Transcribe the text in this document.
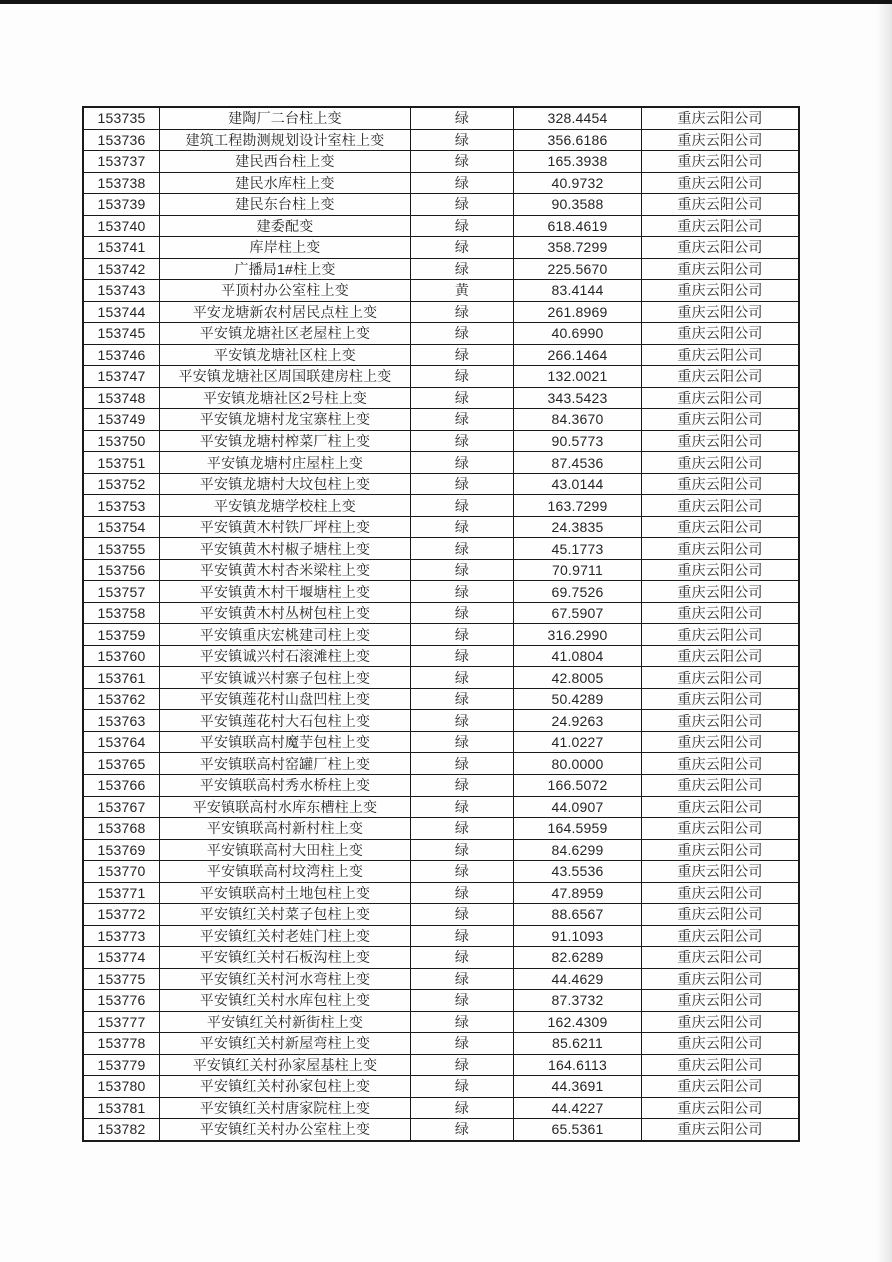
153735	建陶厂二台柱上变	绿	328.4454	重庆云阳公司
153736	建筑工程勘测规划设计室柱上变	绿	356.6186	重庆云阳公司
153737	建民西台柱上变	绿	165.3938	重庆云阳公司
153738	建民水库柱上变	绿	40.9732	重庆云阳公司
153739	建民东台柱上变	绿	90.3588	重庆云阳公司
153740	建委配变	绿	618.4619	重庆云阳公司
153741	库岸柱上变	绿	358.7299	重庆云阳公司
153742	广播局1#柱上变	绿	225.5670	重庆云阳公司
153743	平顶村办公室柱上变	黄	83.4144	重庆云阳公司
153744	平安龙塘新农村居民点柱上变	绿	261.8969	重庆云阳公司
153745	平安镇龙塘社区老屋柱上变	绿	40.6990	重庆云阳公司
153746	平安镇龙塘社区柱上变	绿	266.1464	重庆云阳公司
153747	平安镇龙塘社区周国联建房柱上变	绿	132.0021	重庆云阳公司
153748	平安镇龙塘社区2号柱上变	绿	343.5423	重庆云阳公司
153749	平安镇龙塘村龙宝寨柱上变	绿	84.3670	重庆云阳公司
153750	平安镇龙塘村榨菜厂柱上变	绿	90.5773	重庆云阳公司
153751	平安镇龙塘村庄屋柱上变	绿	87.4536	重庆云阳公司
153752	平安镇龙塘村大坟包柱上变	绿	43.0144	重庆云阳公司
153753	平安镇龙塘学校柱上变	绿	163.7299	重庆云阳公司
153754	平安镇黄木村铁厂坪柱上变	绿	24.3835	重庆云阳公司
153755	平安镇黄木村椒子塘柱上变	绿	45.1773	重庆云阳公司
153756	平安镇黄木村杏米梁柱上变	绿	70.9711	重庆云阳公司
153757	平安镇黄木村干堰塘柱上变	绿	69.7526	重庆云阳公司
153758	平安镇黄木村丛树包柱上变	绿	67.5907	重庆云阳公司
153759	平安镇重庆宏桃建司柱上变	绿	316.2990	重庆云阳公司
153760	平安镇诚兴村石滚滩柱上变	绿	41.0804	重庆云阳公司
153761	平安镇诚兴村寨子包柱上变	绿	42.8005	重庆云阳公司
153762	平安镇莲花村山盘凹柱上变	绿	50.4289	重庆云阳公司
153763	平安镇莲花村大石包柱上变	绿	24.9263	重庆云阳公司
153764	平安镇联高村魔芋包柱上变	绿	41.0227	重庆云阳公司
153765	平安镇联高村窑罐厂柱上变	绿	80.0000	重庆云阳公司
153766	平安镇联高村秀水桥柱上变	绿	166.5072	重庆云阳公司
153767	平安镇联高村水库东槽柱上变	绿	44.0907	重庆云阳公司
153768	平安镇联高村新村柱上变	绿	164.5959	重庆云阳公司
153769	平安镇联高村大田柱上变	绿	84.6299	重庆云阳公司
153770	平安镇联高村坟湾柱上变	绿	43.5536	重庆云阳公司
153771	平安镇联高村土地包柱上变	绿	47.8959	重庆云阳公司
153772	平安镇红关村菜子包柱上变	绿	88.6567	重庆云阳公司
153773	平安镇红关村老娃门柱上变	绿	91.1093	重庆云阳公司
153774	平安镇红关村石板沟柱上变	绿	82.6289	重庆云阳公司
153775	平安镇红关村河水弯柱上变	绿	44.4629	重庆云阳公司
153776	平安镇红关村水库包柱上变	绿	87.3732	重庆云阳公司
153777	平安镇红关村新街柱上变	绿	162.4309	重庆云阳公司
153778	平安镇红关村新屋弯柱上变	绿	85.6211	重庆云阳公司
153779	平安镇红关村孙家屋基柱上变	绿	164.6113	重庆云阳公司
153780	平安镇红关村孙家包柱上变	绿	44.3691	重庆云阳公司
153781	平安镇红关村唐家院柱上变	绿	44.4227	重庆云阳公司
153782	平安镇红关村办公室柱上变	绿	65.5361	重庆云阳公司
